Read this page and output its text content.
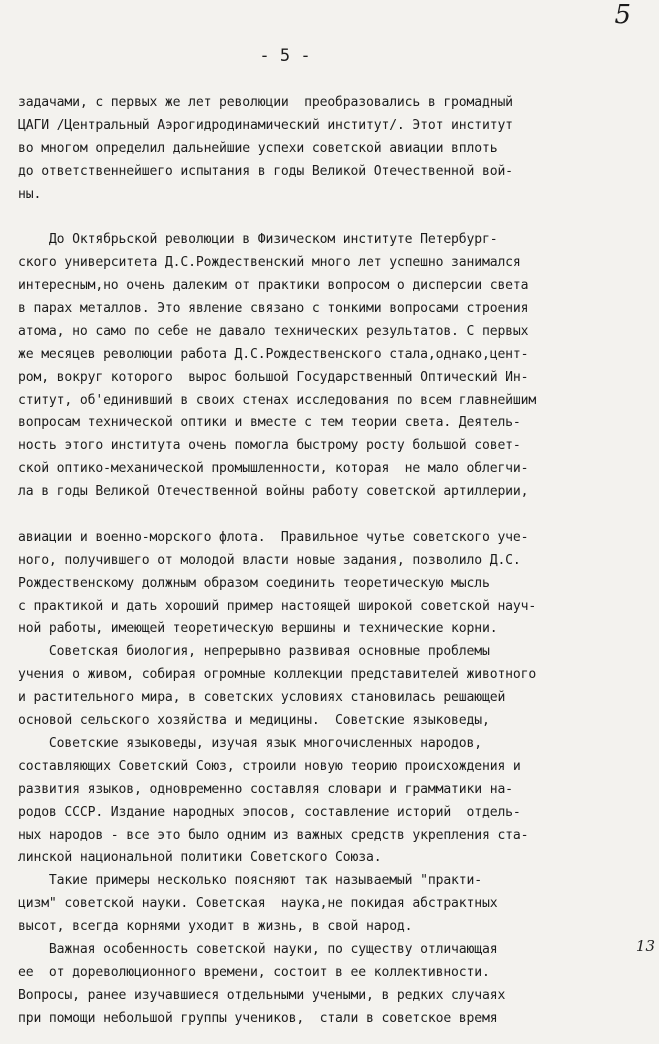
5
- 5 -
задачами, с первых же лет революции  преобразовались в громадный
ЦАГИ /Центральный Аэрогидродинамический институт/. Этот институт
во многом определил дальнейшие успехи советской авиации вплоть
до ответственнейшего испытания в годы Великой Отечественной вой-
ны.
До Октябрьской революции в Физическом институте Петербург-
ского университета Д.С.Рождественский много лет успешно занимался
интересным,но очень далеким от практики вопросом о дисперсии света
в парах металлов. Это явление связано с тонкими вопросами строения
атома, но само по себе не давало технических результатов. С первых
же месяцев революции работа Д.С.Рождественского стала,однако,цент-
ром, вокруг которого  вырос большой Государственный Оптический Ин-
ститут, об'единивший в своих стенах исследования по всем главнейшим
вопросам технической оптики и вместе с тем теории света. Деятель-
ность этого института очень помогла быстрому росту большой совет-
ской оптико-механической промышленности, которая  не мало облегчи-
ла в годы Великой Отечественной войны работу советской артиллерии,
авиации и военно-морского флота.  Правильное чутье советского уче-
ного, получившего от молодой власти новые задания, позволило Д.С.
Рождественскому должным образом соединить теоретическую мысль
с практикой и дать хороший пример настоящей широкой советской науч-
ной работы, имеющей теоретическую вершины и технические корни.
Советская биология, непрерывно развивая основные проблемы
учения о живом, собирая огромные коллекции представителей животного
и растительного мира, в советских условиях становилась решающей
основой сельского хозяйства и медицины.  Советские языковеды,
Советские языковеды, изучая язык многочисленных народов,
составляющих Советский Союз, строили новую теорию происхождения и
развития языков, одновременно составляя словари и грамматики на-
родов СССР. Издание народных эпосов, составление историй  отдель-
ных народов - все это было одним из важных средств укрепления ста-
линской национальной политики Советского Союза.
Такие примеры несколько поясняют так называемый "практи-
цизм" советской науки. Советская  наука,не покидая абстрактных
высот, всегда корнями уходит в жизнь, в свой народ.
Важная особенность советской науки, по существу отличающая
ее  от дореволюционного времени, состоит в ее коллективности.
Вопросы, ранее изучавшиеся отдельными учеными, в редких случаях
при помощи небольшой группы учеников,  стали в советское время
13
